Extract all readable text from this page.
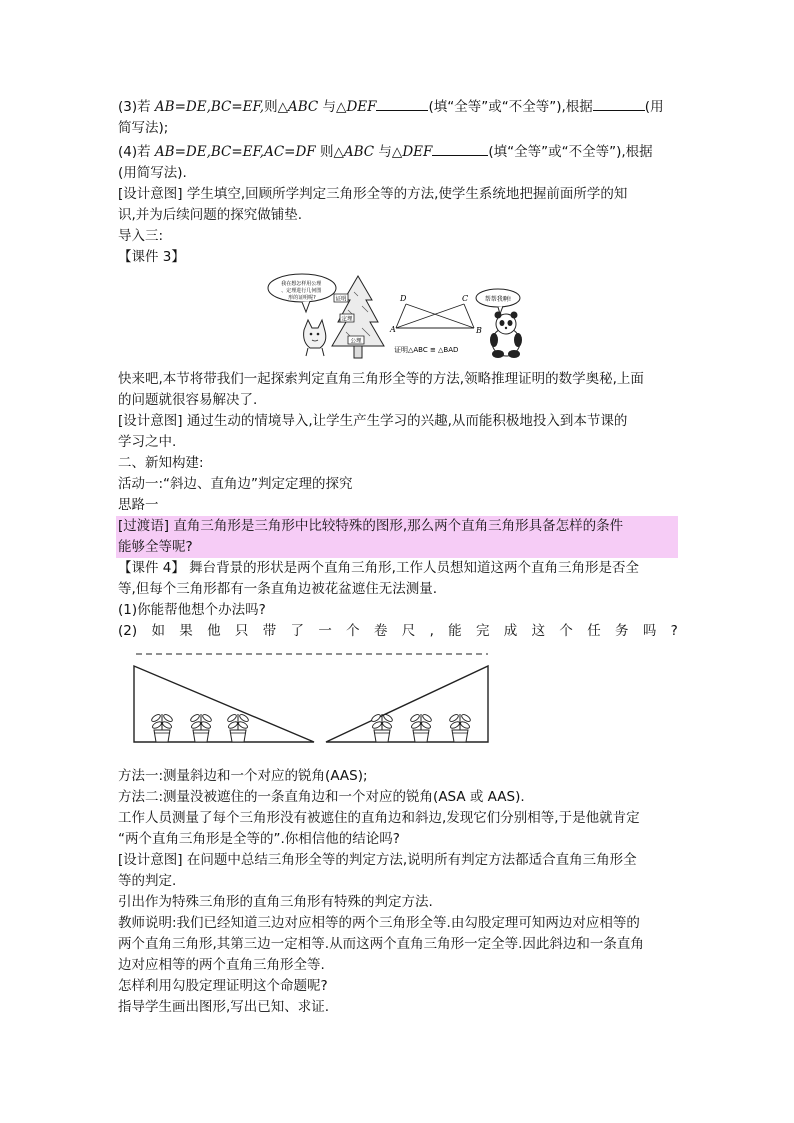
(3)若 AB=DE,BC=EF,则△ABC 与△DEF	(填“全等”或“不全等”),根据	(用
简写法);
(4)若 AB=DE,BC=EF,AC=DF 则△ABC 与△DEF	(填“全等”或“不全等”),根据
(用简写法).
[设计意图] 学生填空,回顾所学判定三角形全等的方法,使学生系统地把握前面所学的知
识,并为后续问题的探究做铺垫.
导入三:
【课件 3】
我在想怎样用公理 、定理进行几何图 形的证明呢?	证明
定理
公理
A	B
C
D
证明△ABC ≌ △BAD
帮帮我啊!
快来吧,本节将带我们一起探索判定直角三角形全等的方法,领略推理证明的数学奥秘,上面
的问题就很容易解决了.
[设计意图] 通过生动的情境导入,让学生产生学习的兴趣,从而能积极地投入到本节课的
学习之中.
二、新知构建:
活动一:“斜边、直角边”判定定理的探究
思路一
[过渡语] 直角三角形是三角形中比较特殊的图形,那么两个直角三角形具备怎样的条件
能够全等呢?
【课件 4】 舞台背景的形状是两个直角三角形,工作人员想知道这两个直角三角形是否全
等,但每个三角形都有一条直角边被花盆遮住无法测量.
(1)你能帮他想个办法吗?
(2) 如 果 他 只 带 了 一 个 卷 尺 , 能 完 成 这 个 任 务 吗 ?
方法一:测量斜边和一个对应的锐角(AAS);
方法二:测量没被遮住的一条直角边和一个对应的锐角(ASA 或 AAS).
工作人员测量了每个三角形没有被遮住的直角边和斜边,发现它们分别相等,于是他就肯定
“两个直角三角形是全等的”.你相信他的结论吗?
[设计意图] 在问题中总结三角形全等的判定方法,说明所有判定方法都适合直角三角形全
等的判定.
引出作为特殊三角形的直角三角形有特殊的判定方法.
教师说明:我们已经知道三边对应相等的两个三角形全等.由勾股定理可知两边对应相等的
两个直角三角形,其第三边一定相等.从而这两个直角三角形一定全等.因此斜边和一条直角
边对应相等的两个直角三角形全等.
怎样利用勾股定理证明这个命题呢?
指导学生画出图形,写出已知、求证.
